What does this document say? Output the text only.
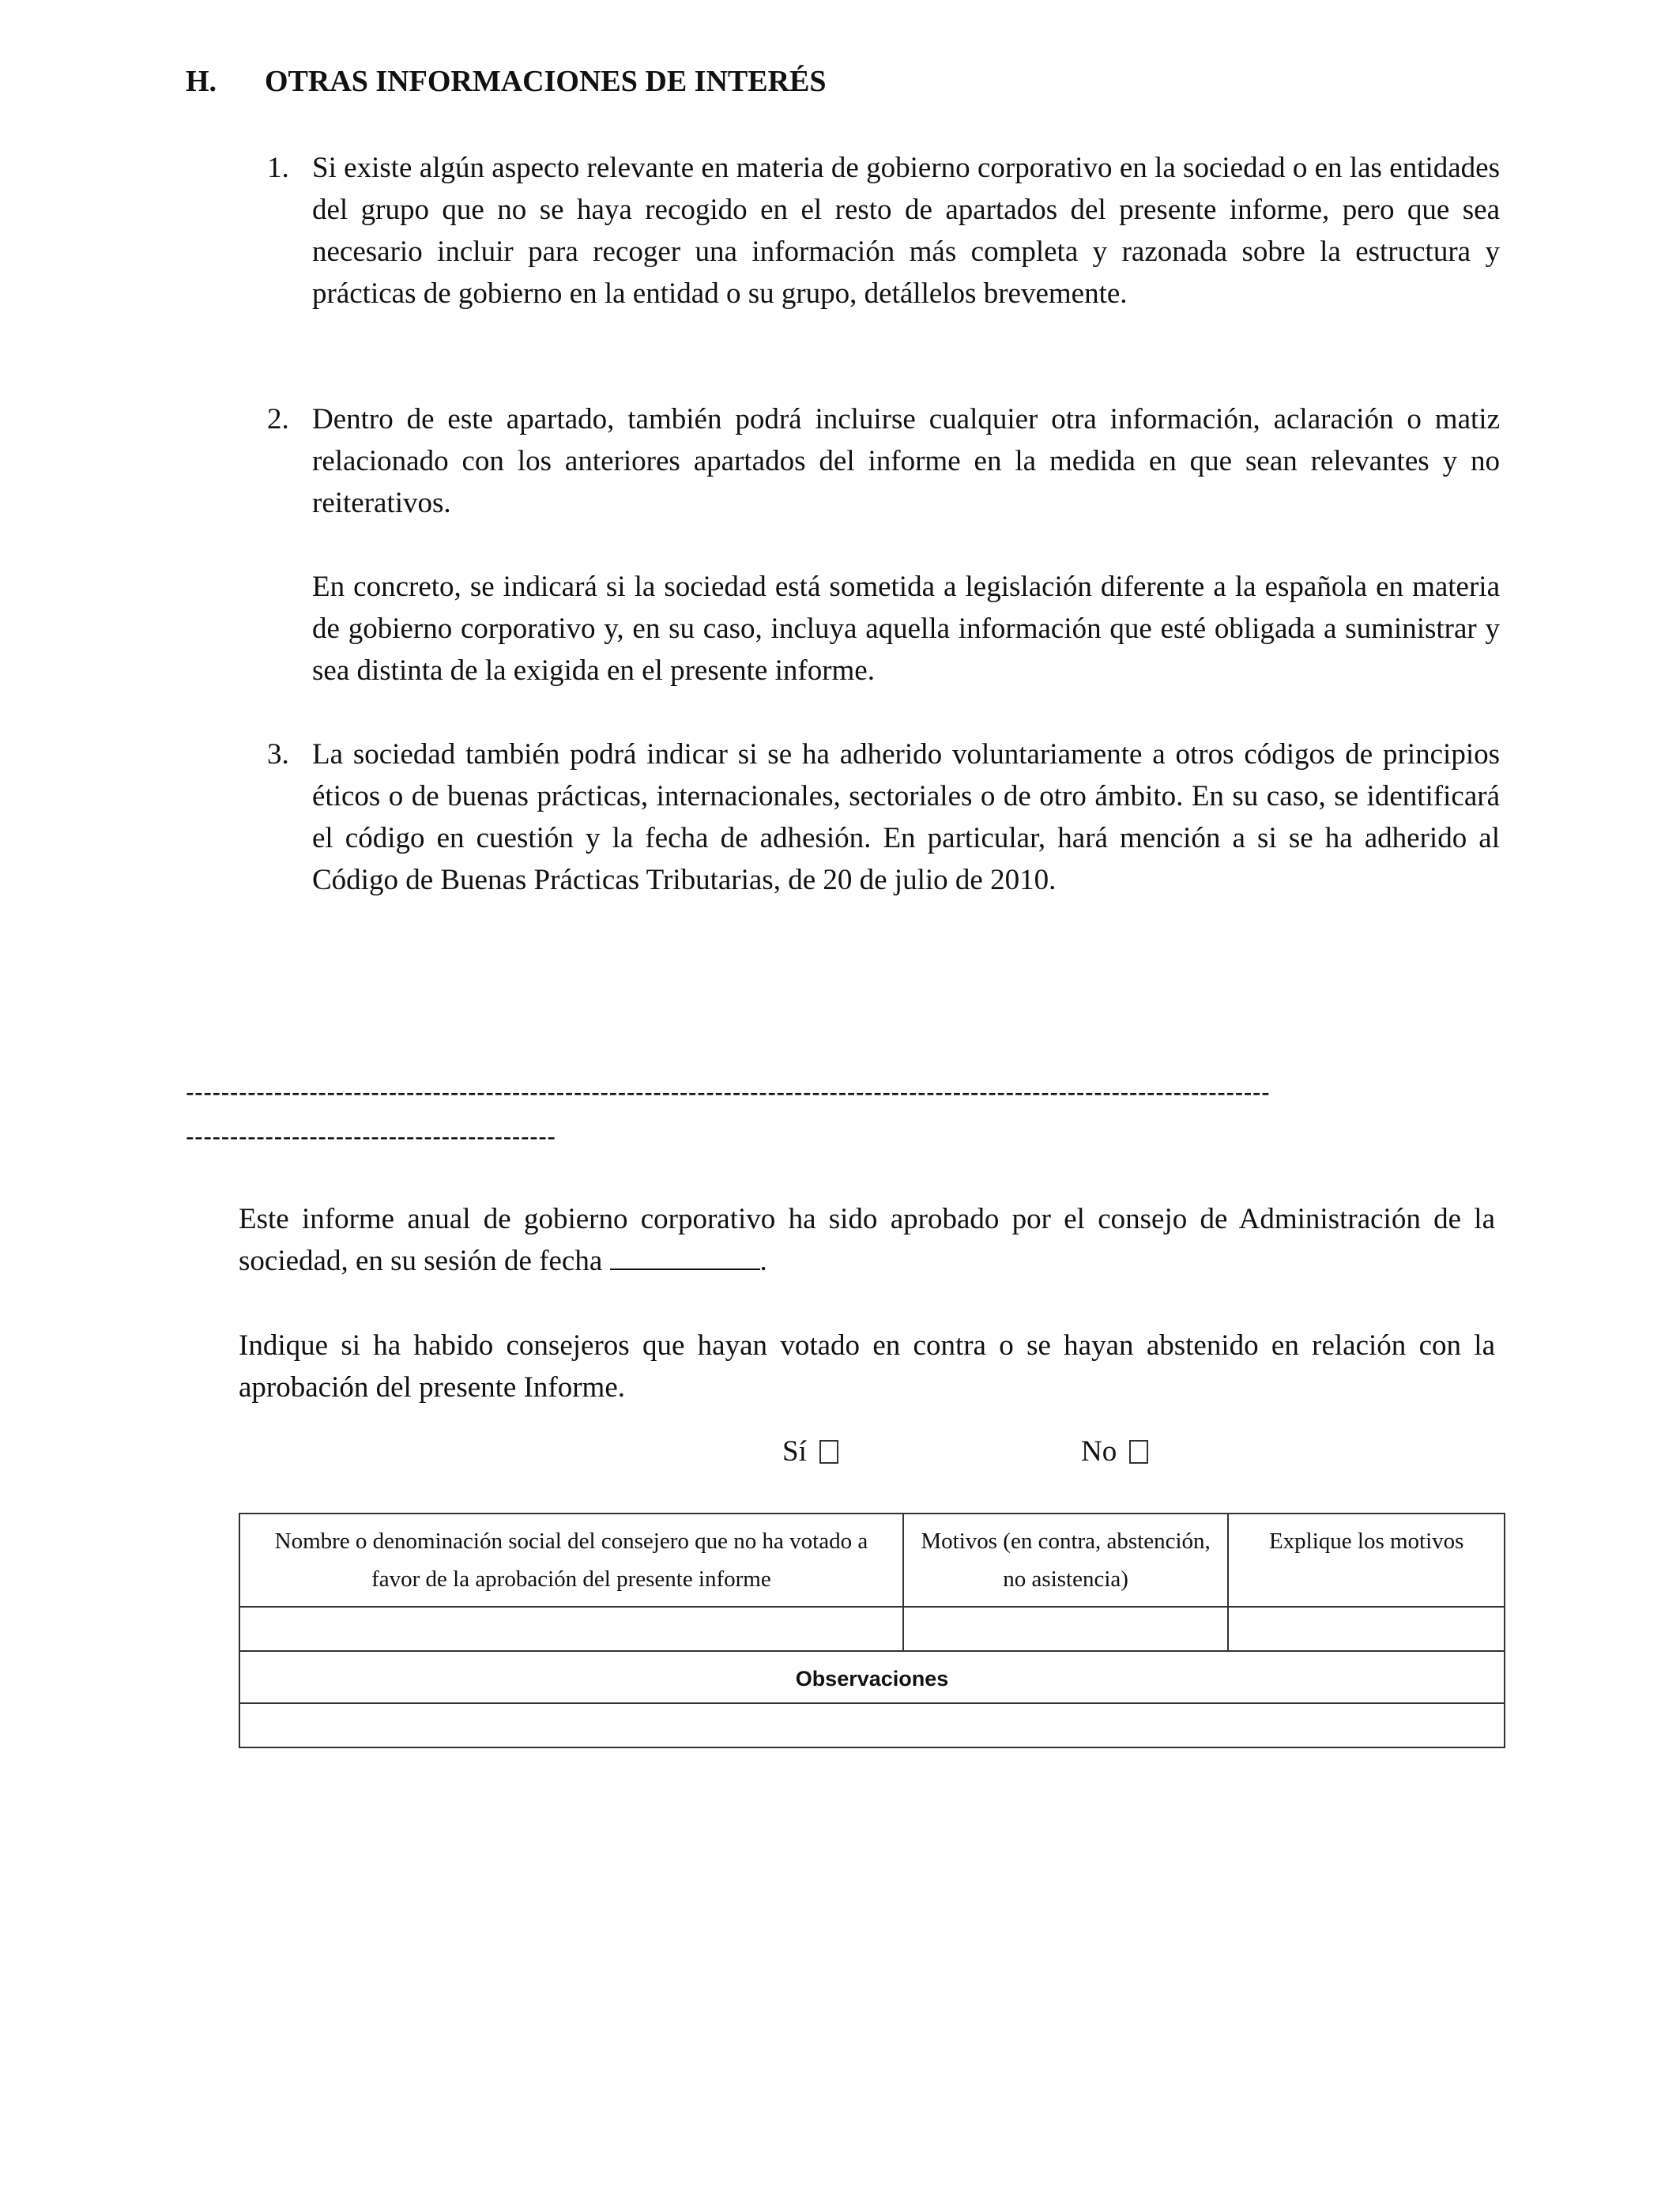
H. OTRAS INFORMACIONES DE INTERÉS
1. Si existe algún aspecto relevante en materia de gobierno corporativo en la sociedad o en las entidades del grupo que no se haya recogido en el resto de apartados del presente informe, pero que sea necesario incluir para recoger una información más completa y razonada sobre la estructura y prácticas de gobierno en la entidad o su grupo, detállelos brevemente.
2. Dentro de este apartado, también podrá incluirse cualquier otra información, aclaración o matiz relacionado con los anteriores apartados del informe en la medida en que sean relevantes y no reiterativos.
En concreto, se indicará si la sociedad está sometida a legislación diferente a la española en materia de gobierno corporativo y, en su caso, incluya aquella información que esté obligada a suministrar y sea distinta de la exigida en el presente informe.
3. La sociedad también podrá indicar si se ha adherido voluntariamente a otros códigos de principios éticos o de buenas prácticas, internacionales, sectoriales o de otro ámbito. En su caso, se identificará el código en cuestión y la fecha de adhesión. En particular, hará mención a si se ha adherido al Código de Buenas Prácticas Tributarias, de 20 de julio de 2010.
---------------------------------------------------------------------------------------------------------------------------
------------------------------------------
Este informe anual de gobierno corporativo ha sido aprobado por el consejo de Administración de la sociedad, en su sesión de fecha	.
Indique si ha habido consejeros que hayan votado en contra o se hayan abstenido en relación con la aprobación del presente Informe.
Sí	No
Nombre o denominación social del consejero que no ha votado a favor de la aprobación del presente informe	Motivos (en contra, abstención, no asistencia)	Explique los motivos

Observaciones		
